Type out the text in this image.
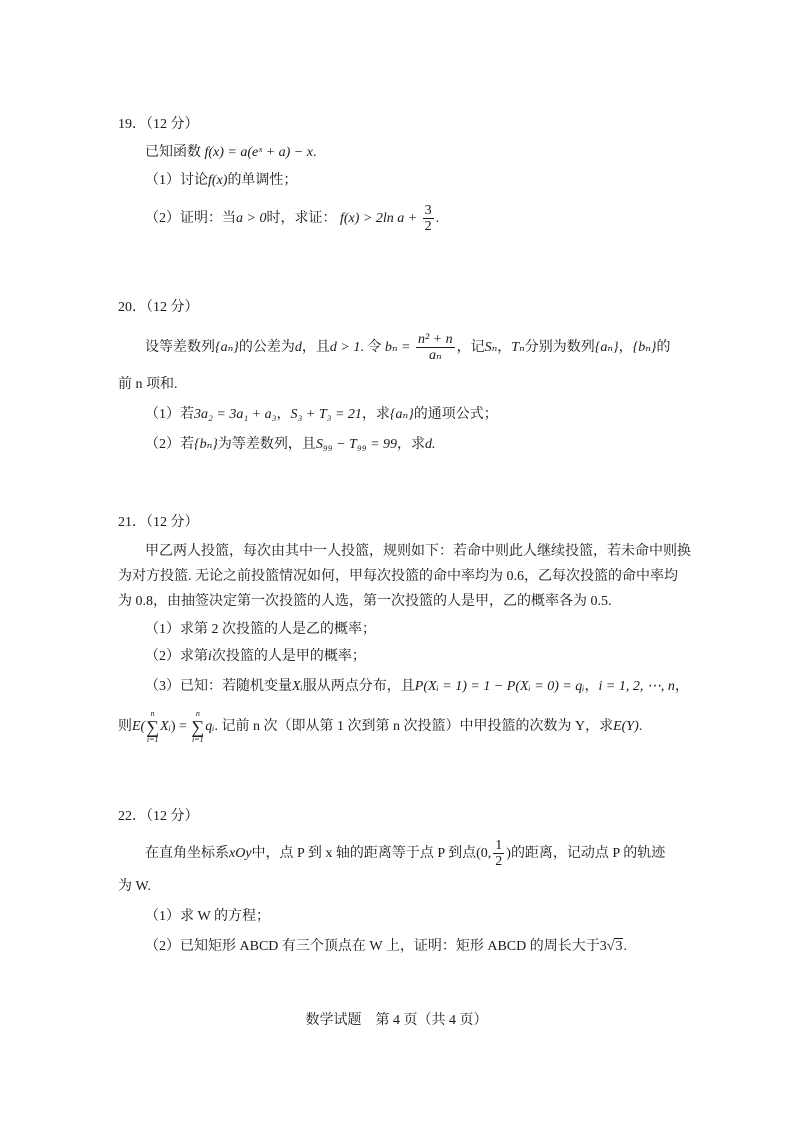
19．（12 分）
已知函数 f(x) = a(eˣ + a) − x.
（1）讨论f(x)的单调性；
（2）证明：当a > 0时，求证： f(x) > 2ln $a + \frac{3}{2}$ .
20．（12 分）
设等差数列{aₙ}的公差为d，且d > 1. 令 $b_n = \frac{\text{n² + n}}{\text{aₙ}}$ ，记Sₙ，Tₙ分别为数列{aₙ}，{bₙ}的
前 n 项和.
（1）若3a₂ = 3a₁ + a₃，S₃ + T₃ = 21，求{aₙ}的通项公式；
（2）若{bₙ}为等差数列，且S₉₉ − T₉₉ = 99，求d.
21．（12 分）
甲乙两人投篮，每次由其中一人投篮，规则如下：若命中则此人继续投篮，若未命中则换
为对方投篮. 无论之前投篮情况如何，甲每次投篮的命中率均为 0.6，乙每次投篮的命中率均
为 0.8，由抽签决定第一次投篮的人选，第一次投篮的人是甲，乙的概率各为 0.5.
（1）求第 2 次投篮的人是乙的概率；
（2）求第i次投篮的人是甲的概率；
（3）已知：若随机变量Xᵢ服从两点分布，且P(Xᵢ = 1) = 1 − P(Xᵢ = 0) = qᵢ，i = 1, 2, ⋯, n，
则E(
n
∑
i=1
Xᵢ) =
n
∑
i=1
qᵢ. 记前 n 次（即从第 1 次到第 n 次投篮）中甲投篮的次数为 Y，求E(Y).
22．（12 分）
在直角坐标系xOy中，点 P 到 x 轴的距离等于点 P 到点(0, $\frac{1}{2}$ )的距离，记动点 P 的轨迹
为 W.
（1）求 W 的方程；
（2）已知矩形 ABCD 有三个顶点在 W 上，证明：矩形 ABCD 的周长大于3√3.
数学试题　第 4 页（共 4 页）
